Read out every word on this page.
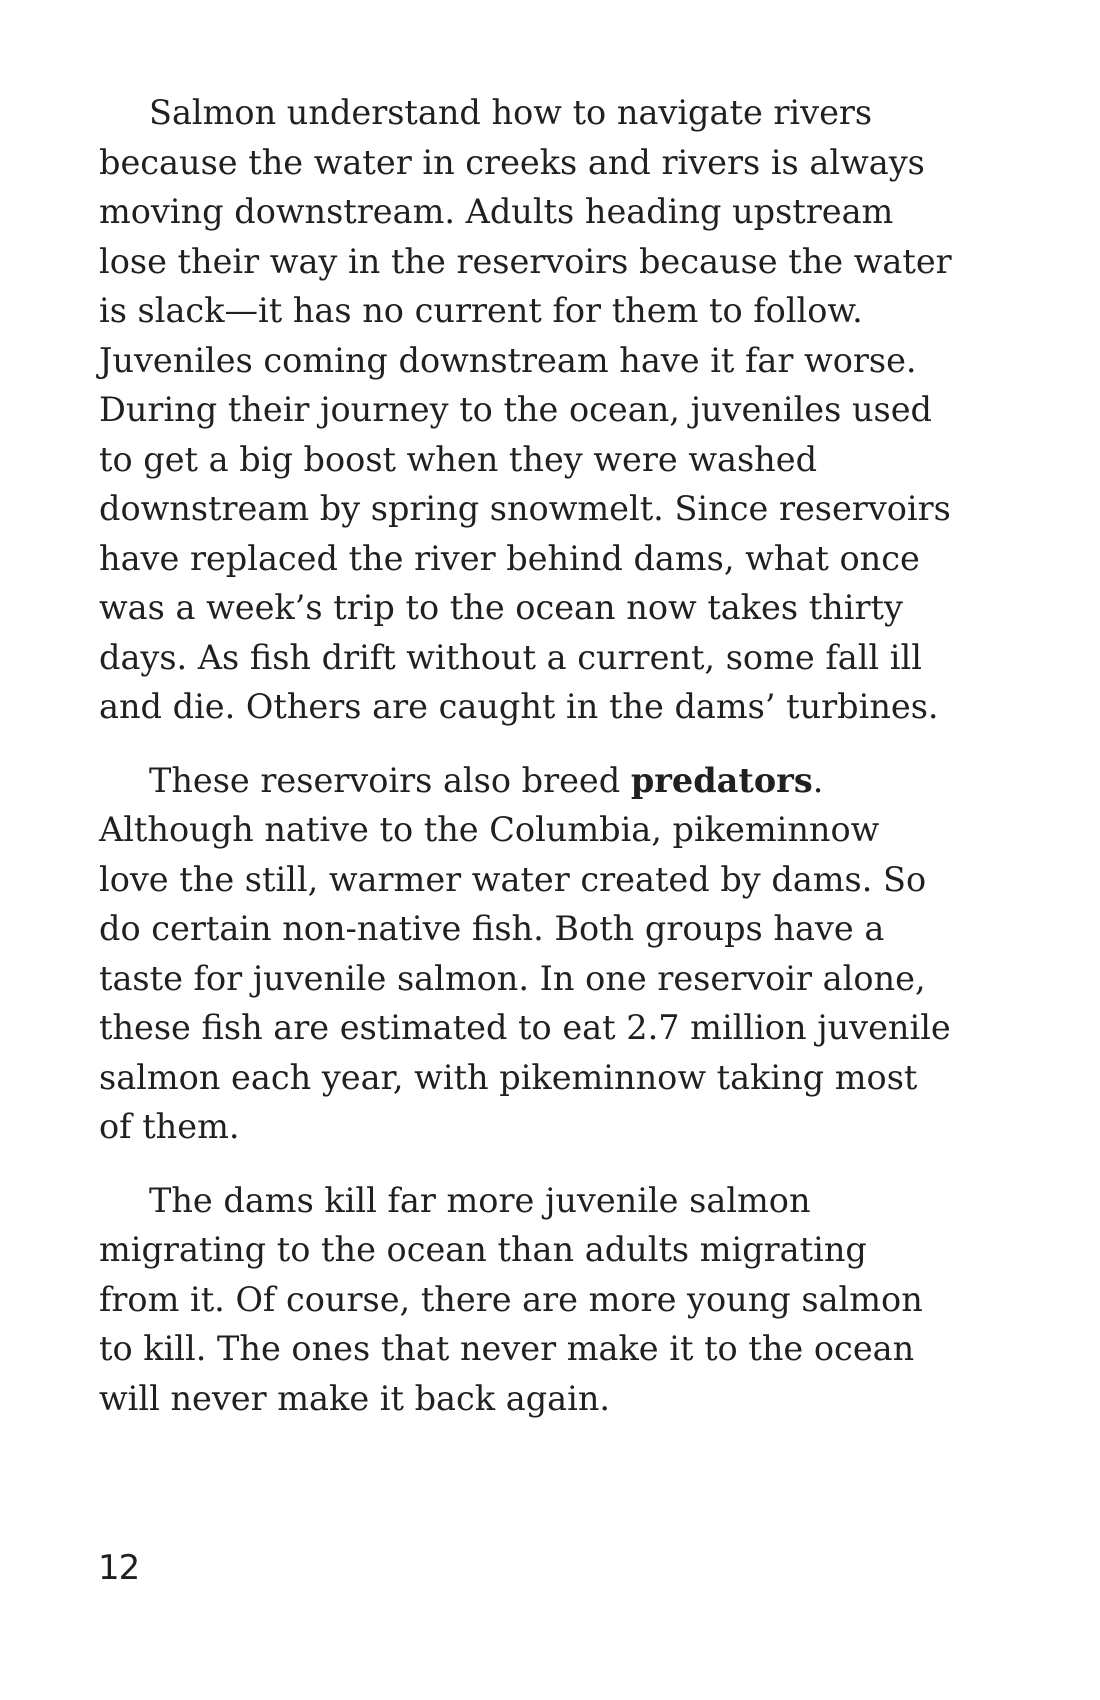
Salmon understand how to navigate rivers
because the water in creeks and rivers is always
moving downstream. Adults heading upstream
lose their way in the reservoirs because the water
is slack—it has no current for them to follow.
Juveniles coming downstream have it far worse.
During their journey to the ocean, juveniles used
to get a big boost when they were washed
downstream by spring snowmelt. Since reservoirs
have replaced the river behind dams, what once
was a week’s trip to the ocean now takes thirty
days. As fish drift without a current, some fall ill
and die. Others are caught in the dams’ turbines.

These reservoirs also breed predators.
Although native to the Columbia, pikeminnow
love the still, warmer water created by dams. So
do certain non-native fish. Both groups have a
taste for juvenile salmon. In one reservoir alone,
these fish are estimated to eat 2.7 million juvenile
salmon each year, with pikeminnow taking most
of them.

The dams kill far more juvenile salmon
migrating to the ocean than adults migrating
from it. Of course, there are more young salmon
to kill. The ones that never make it to the ocean
will never make it back again.

12
